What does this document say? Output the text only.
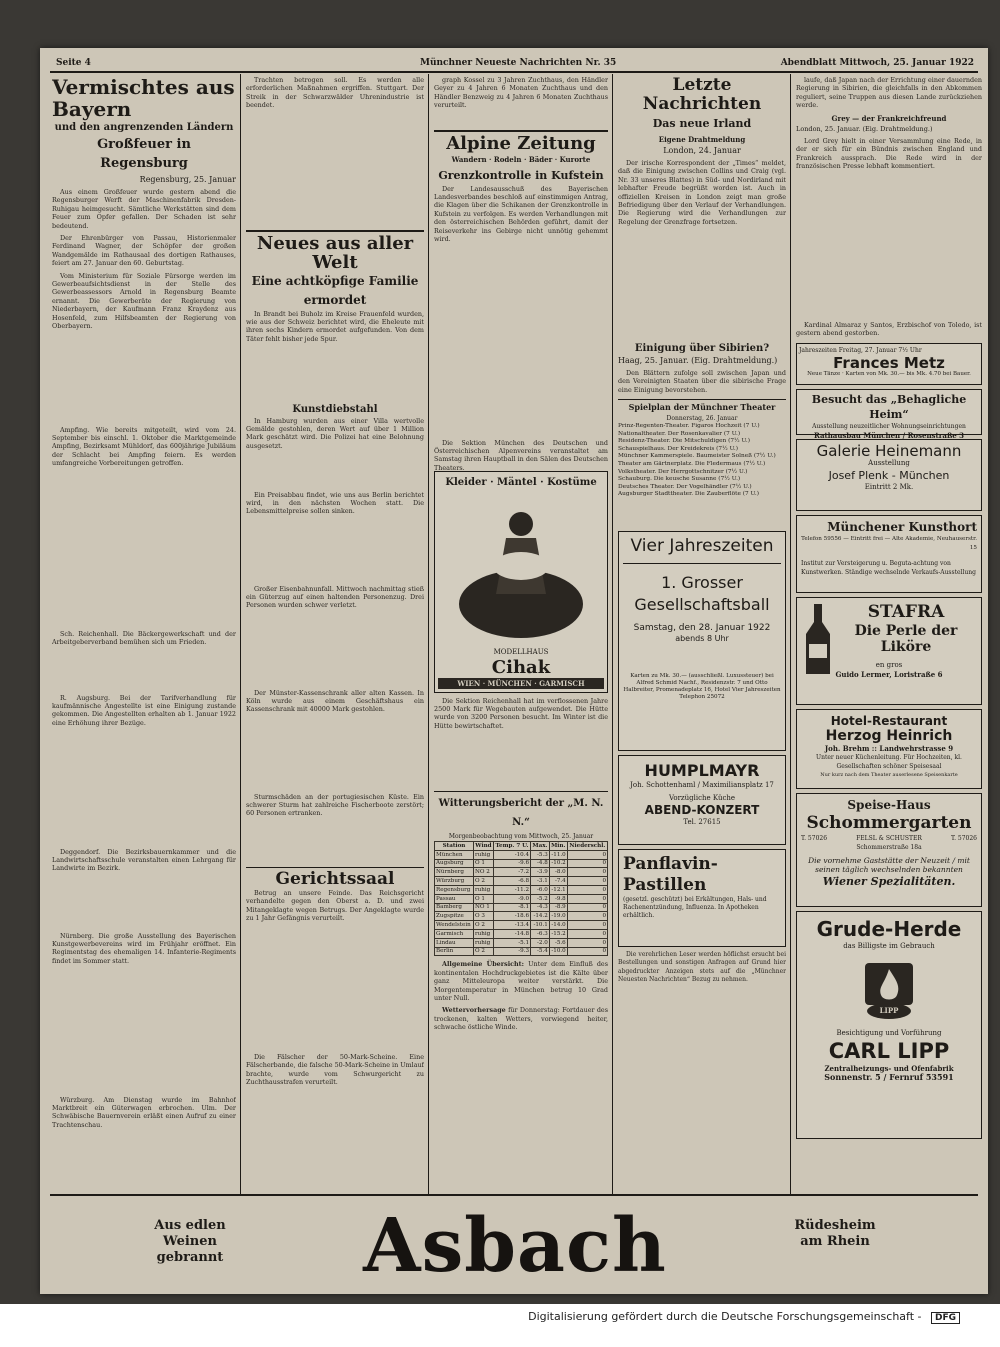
Seite 4	Münchner Neueste Nachrichten Nr. 35	Abendblatt Mittwoch, 25. Januar 1922
Vermischtes aus Bayern
und den angrenzenden Ländern
Großfeuer in Regensburg
Regensburg, 25. Januar

Aus einem Großfeuer wurde gestern abend die Regensburger Werft der Maschinenfabrik Dresden-Ruhigau heimgesucht. Sämtliche Werkstätten sind dem Feuer zum Opfer gefallen. Der Schaden ist sehr bedeutend.

Der Ehrenbürger von Passau, Historienmaler Ferdinand Wagner, der Schöpfer der großen Wandgemälde im Rathausaal des dortigen Rathauses, feiert am 27. Januar den 60. Geburtstag.

Vom Ministerium für Soziale Fürsorge werden im Gewerbeaufsichtsdienst in der Stelle des Gewerbeassessors Arnold in Regensburg Beamte ernannt. Die Gewerberäte der Regierung von Niederbayern, der Kaufmann Franz Kraydenz aus Hosenfeld, zum Hilfsbeamten der Regierung von Oberbayern.

Ampfing. Wie bereits mitgeteilt, wird vom 24. September bis einschl. 1. Oktober die Marktgemeinde Ampfing, Bezirksamt Mühldorf, das 600jährige Jubiläum der Schlacht bei Ampfing feiern. Es werden umfangreiche Vorbereitungen getroffen.

Sch. Reichenhall. Die Bäckergewerkschaft und der Arbeitgeberverband bemühen sich um Frieden.

R. Augsburg. Bei der Tarifverhandlung für kaufmännische Angestellte ist eine Einigung zustande gekommen. Die Angestellten erhalten ab 1. Januar 1922 eine Erhöhung ihrer Bezüge.

Deggendorf. Die Bezirksbauernkammer und die Landwirtschaftsschule veranstalten einen Lehrgang für Landwirte im Bezirk.

Nürnberg. Die große Ausstellung des Bayerischen Kunstgewerbevereins wird im Frühjahr eröffnet. Ein Regimentstag des ehemaligen 14. Infanterie-Regiments findet im Sommer statt.

Würzburg. Am Dienstag wurde im Bahnhof Marktbreit ein Güterwagen erbrochen. Ulm. Der Schwäbische Bauernverein erläßt einen Aufruf zu einer Trachtenschau.

Trachten betrogen soll. Es werden alle erforderlichen Maßnahmen ergriffen. Stuttgart. Der Streik in der Schwarzwälder Uhrenindustrie ist beendet.

Neues aus aller Welt
Eine achtköpfige Familie ermordet

In Brandt bei Buholz im Kreise Frauenfeld wurden, wie aus der Schweiz berichtet wird, die Eheleute mit ihren sechs Kindern ermordet aufgefunden. Von dem Täter fehlt bisher jede Spur.

Kunstdiebstahl

In Hamburg wurden aus einer Villa wertvolle Gemälde gestohlen, deren Wert auf über 1 Million Mark geschätzt wird. Die Polizei hat eine Belohnung ausgesetzt.

Ein Preisabbau findet, wie uns aus Berlin berichtet wird, in den nächsten Wochen statt. Die Lebensmittelpreise sollen sinken.

Großer Eisenbahnunfall. Mittwoch nachmittag stieß ein Güterzug auf einen haltenden Personenzug. Drei Personen wurden schwer verletzt.

Der Münster-Kassenschrank aller alten Kassen. In Köln wurde aus einem Geschäftshaus ein Kassenschrank mit 40000 Mark gestohlen.

Sturmschäden an der portugiesischen Küste. Ein schwerer Sturm hat zahlreiche Fischerboote zerstört; 60 Personen ertranken.

Gerichtssaal

Betrug an unsere Feinde. Das Reichsgericht verhandelte gegen den Oberst a. D. und zwei Mitangeklagte wegen Betrugs. Der Angeklagte wurde zu 1 Jahr Gefängnis verurteilt.

Die Fälscher der 50-Mark-Scheine. Eine Fälscherbande, die falsche 50-Mark-Scheine in Umlauf brachte, wurde vom Schwurgericht zu Zuchthausstrafen verurteilt.

graph Kossel zu 3 Jahren Zuchthaus, den Händler Geyer zu 4 Jahren 6 Monaten Zuchthaus und den Händler Benzweig zu 4 Jahren 6 Monaten Zuchthaus verurteilt.

Alpine Zeitung
Wandern · Rodeln · Bäder · Kurorte
Grenzkontrolle in Kufstein

Der Landesausschuß des Bayerischen Landesverbandes beschloß auf einstimmigen Antrag, die Klagen über die Schikanen der Grenzkontrolle in Kufstein zu verfolgen. Es werden Verhandlungen mit den österreichischen Behörden geführt, damit der Reiseverkehr ins Gebirge nicht unnötig gehemmt wird.

Die Sektion München des Deutschen und Österreichischen Alpenvereins veranstaltet am Samstag ihren Hauptball in den Sälen des Deutschen Theaters.

Kleider · Mäntel · Kostüme
MODELLHAUS
Cihak
WIEN · MÜNCHEN · GARMISCH

Die Sektion Reichenhall hat im verflossenen Jahre 2500 Mark für Wegebauten aufgewendet. Die Hütte wurde von 3200 Personen besucht. Im Winter ist die Hütte bewirtschaftet.

Witterungsbericht der „M. N. N.“
Morgenbeobachtung vom Mittwoch, 25. Januar
Station	Wind	Temp. 7 U.	Max.	Min.	Niederschl.
München	ruhig	-10.4	-5.3	-11.0	0
Augsburg	O 1	-9.6	-4.8	-10.2	0
Nürnberg	NO 2	-7.2	-3.9	-8.0	0
Würzburg	O 2	-6.8	-3.1	-7.4	0
Regensburg	ruhig	-11.2	-6.0	-12.1	0
Passau	O 1	-9.0	-5.2	-9.8	0
Bamberg	NO 1	-8.1	-4.3	-8.9	0
Zugspitze	O 3	-18.6	-14.2	-19.0	0
Wendelstein	O 2	-13.4	-10.1	-14.0	0
Garmisch	ruhig	-14.8	-6.3	-15.2	0
Lindau	ruhig	-5.1	-2.0	-5.6	0
Berlin	O 2	-9.3	-5.4	-10.0	0

Allgemeine Übersicht: Unter dem Einfluß des kontinentalen Hochdruckgebietes ist die Kälte über ganz Mitteleuropa weiter verstärkt. Die Morgentemperatur in München betrug 10 Grad unter Null.

Wettervorhersage für Donnerstag: Fortdauer des trockenen, kalten Wetters, vorwiegend heiter, schwache östliche Winde.

Letzte Nachrichten
Das neue Irland
Eigene Drahtmeldung
London, 24. Januar

Der irische Korrespondent der „Times“ meldet, daß die Einigung zwischen Collins und Craig (vgl. Nr. 33 unseres Blattes) in Süd- und Nordirland mit lebhafter Freude begrüßt worden ist. Auch in offiziellen Kreisen in London zeigt man große Befriedigung über den Verlauf der Verhandlungen. Die Regierung wird die Verhandlungen zur Regelung der Grenzfrage fortsetzen.

Einigung über Sibirien?
Haag, 25. Januar. (Eig. Drahtmeldung.)

Den Blättern zufolge soll zwischen Japan und den Vereinigten Staaten über die sibirische Frage eine Einigung bevorstehen.

Spielplan der Münchner Theater
Donnerstag, 26. Januar
Prinz-Regenten-Theater. Figaros Hochzeit (7 U.)
Nationaltheater. Der Rosenkavalier (7 U.)
Residenz-Theater. Die Mitschuldigen (7½ U.)
Schauspielhaus. Der Kreidekreis (7½ U.)
Münchner Kammerspiele. Baumeister Solneß (7½ U.)
Theater am Gärtnerplatz. Die Fledermaus (7½ U.)
Volkstheater. Der Herrgottschnitzer (7½ U.)
Schauburg. Die keusche Susanne (7½ U.)
Deutsches Theater. Der Vogelhändler (7½ U.)
Augsburger Stadttheater. Die Zauberflöte (7 U.)
Vier Jahreszeiten
1. Grosser Gesellschaftsball
Samstag, den 28. Januar 1922
abends 8 Uhr
Karten zu Mk. 30.— (ausschließl. Luxussteuer) bei Alfred Schmid Nachf., Residenzstr. 7 und Otto Halbreiter, Promenadeplatz 16, Hotel Vier Jahreszeiten Telephon 25072
HUMPLMAYR
Joh. Schottenhaml / Maximiliansplatz 17
Vorzügliche Küche
ABEND-KONZERT
Tel. 27615
Panflavin-Pastillen
(gesetzl. geschützt) bei Erkältungen, Hals- und Rachenentzündung, Influenza. In Apotheken erhältlich.

Die verehrlichen Leser werden höflichst ersucht bei Bestellungen und sonstigen Anfragen auf Grund hier abgedruckter Anzeigen stets auf die „Münchner Neuesten Nachrichten“ Bezug zu nehmen.

laufe, daß Japan nach der Errichtung einer dauernden Regierung in Sibirien, die gleichfalls in den Abkommen reguliert, seine Truppen aus diesen Lande zurückziehen werde.

Grey — der Frankreichfreund
London, 25. Januar. (Eig. Drahtmeldung.)

Lord Grey hielt in einer Versammlung eine Rede, in der er sich für ein Bündnis zwischen England und Frankreich aussprach. Die Rede wird in der französischen Presse lebhaft kommentiert.

Kardinal Almaraz y Santos, Erzbischof von Toledo, ist gestern abend gestorben.

Jahreszeiten Freitag, 27. Januar 7½ Uhr
Frances Metz
Neue Tänze · Karten von Mk. 30.— bis Mk. 4.70 bei Bauer.
Besucht das „Behagliche Heim“
Ausstellung neuzeitlicher Wohnungseinrichtungen
Rathausbau München / Rosenstraße 3
Galerie Heinemann
Ausstellung
Josef Plenk - München
Eintritt 2 Mk.
Münchener Kunsthort
Telefon 59556 — Eintritt frei — Alte Akademie, Neuhauserstr. 15
Institut zur Versteigerung u. Beguta-achtung von Kunstwerken. Ständige wechselnde Verkaufs-Ausstellung
STAFRA
Die Perle der Liköre
en gros
Guido Lermer, Loristraße 6
Hotel-Restaurant
Herzog Heinrich
Joh. Brehm :: Landwehrstrasse 9
Unter neuer Küchenleitung. Für Hochzeiten, kl. Gesellschaften schöner Speisesaal
Nur kurz nach dem Theater auserlesene Speisenkarte
Speise-Haus
Schommergarten
T. 57026	FELSL & SCHUSTER	T. 57026
Schommerstraße 18a
Die vornehme Gaststätte der Neuzeit / mit seinen täglich wechselnden bekannten
Wiener Spezialitäten.
Grude-Herde
das Billigste im Gebrauch
LIPP
Besichtigung und Vorführung
CARL LIPP
Zentralheizungs- und Ofenfabrik
Sonnenstr. 5 / Fernruf 53591
Aus edlen Weinen gebrannt	Asbach	Rüdesheim am Rhein
Digitalisierung gefördert durch die Deutsche Forschungsgemeinschaft - DFG
